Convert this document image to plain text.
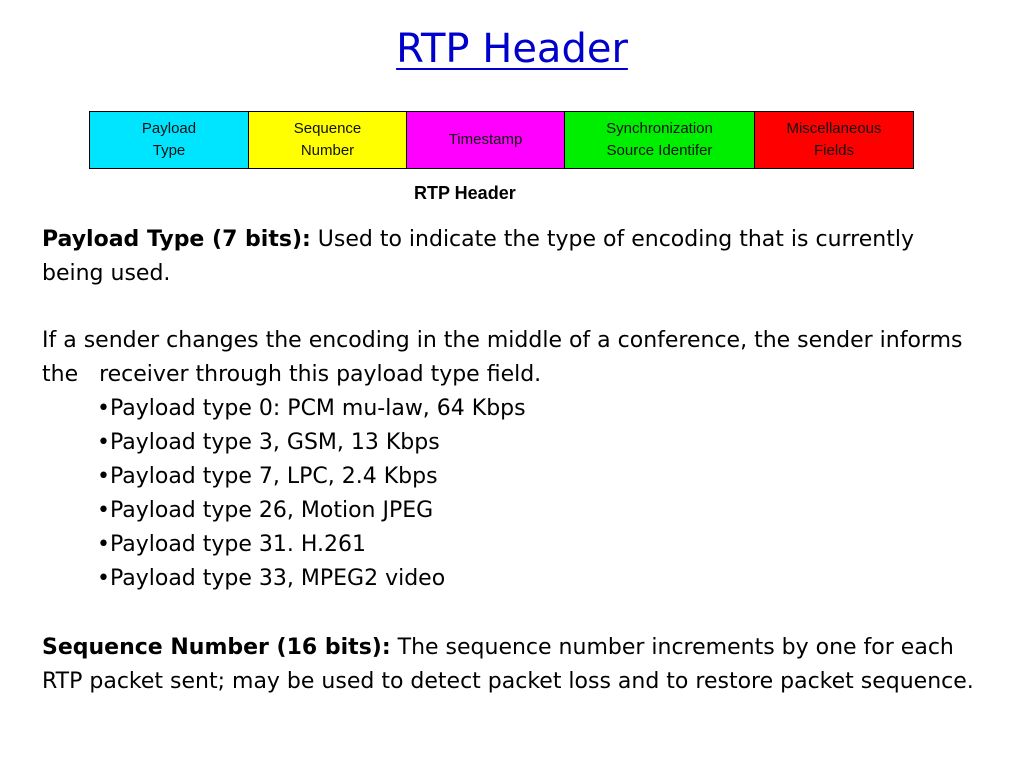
RTP Header
Payload
Type
Sequence
Number
Timestamp
Synchronization
Source Identifer
Miscellaneous
Fields
RTP Header

Payload Type (7 bits): Used to indicate the type of encoding that is currently being used.

If a sender changes the encoding in the middle of a conference, the sender informs the   receiver through this payload type field.

•Payload type 0: PCM mu-law, 64 Kbps
•Payload type 3, GSM, 13 Kbps
•Payload type 7, LPC, 2.4 Kbps
•Payload type 26, Motion JPEG
•Payload type 31. H.261
•Payload type 33, MPEG2 video

Sequence Number (16 bits): The sequence number increments by one for each RTP packet sent; may be used to detect packet loss and to restore packet sequence.
